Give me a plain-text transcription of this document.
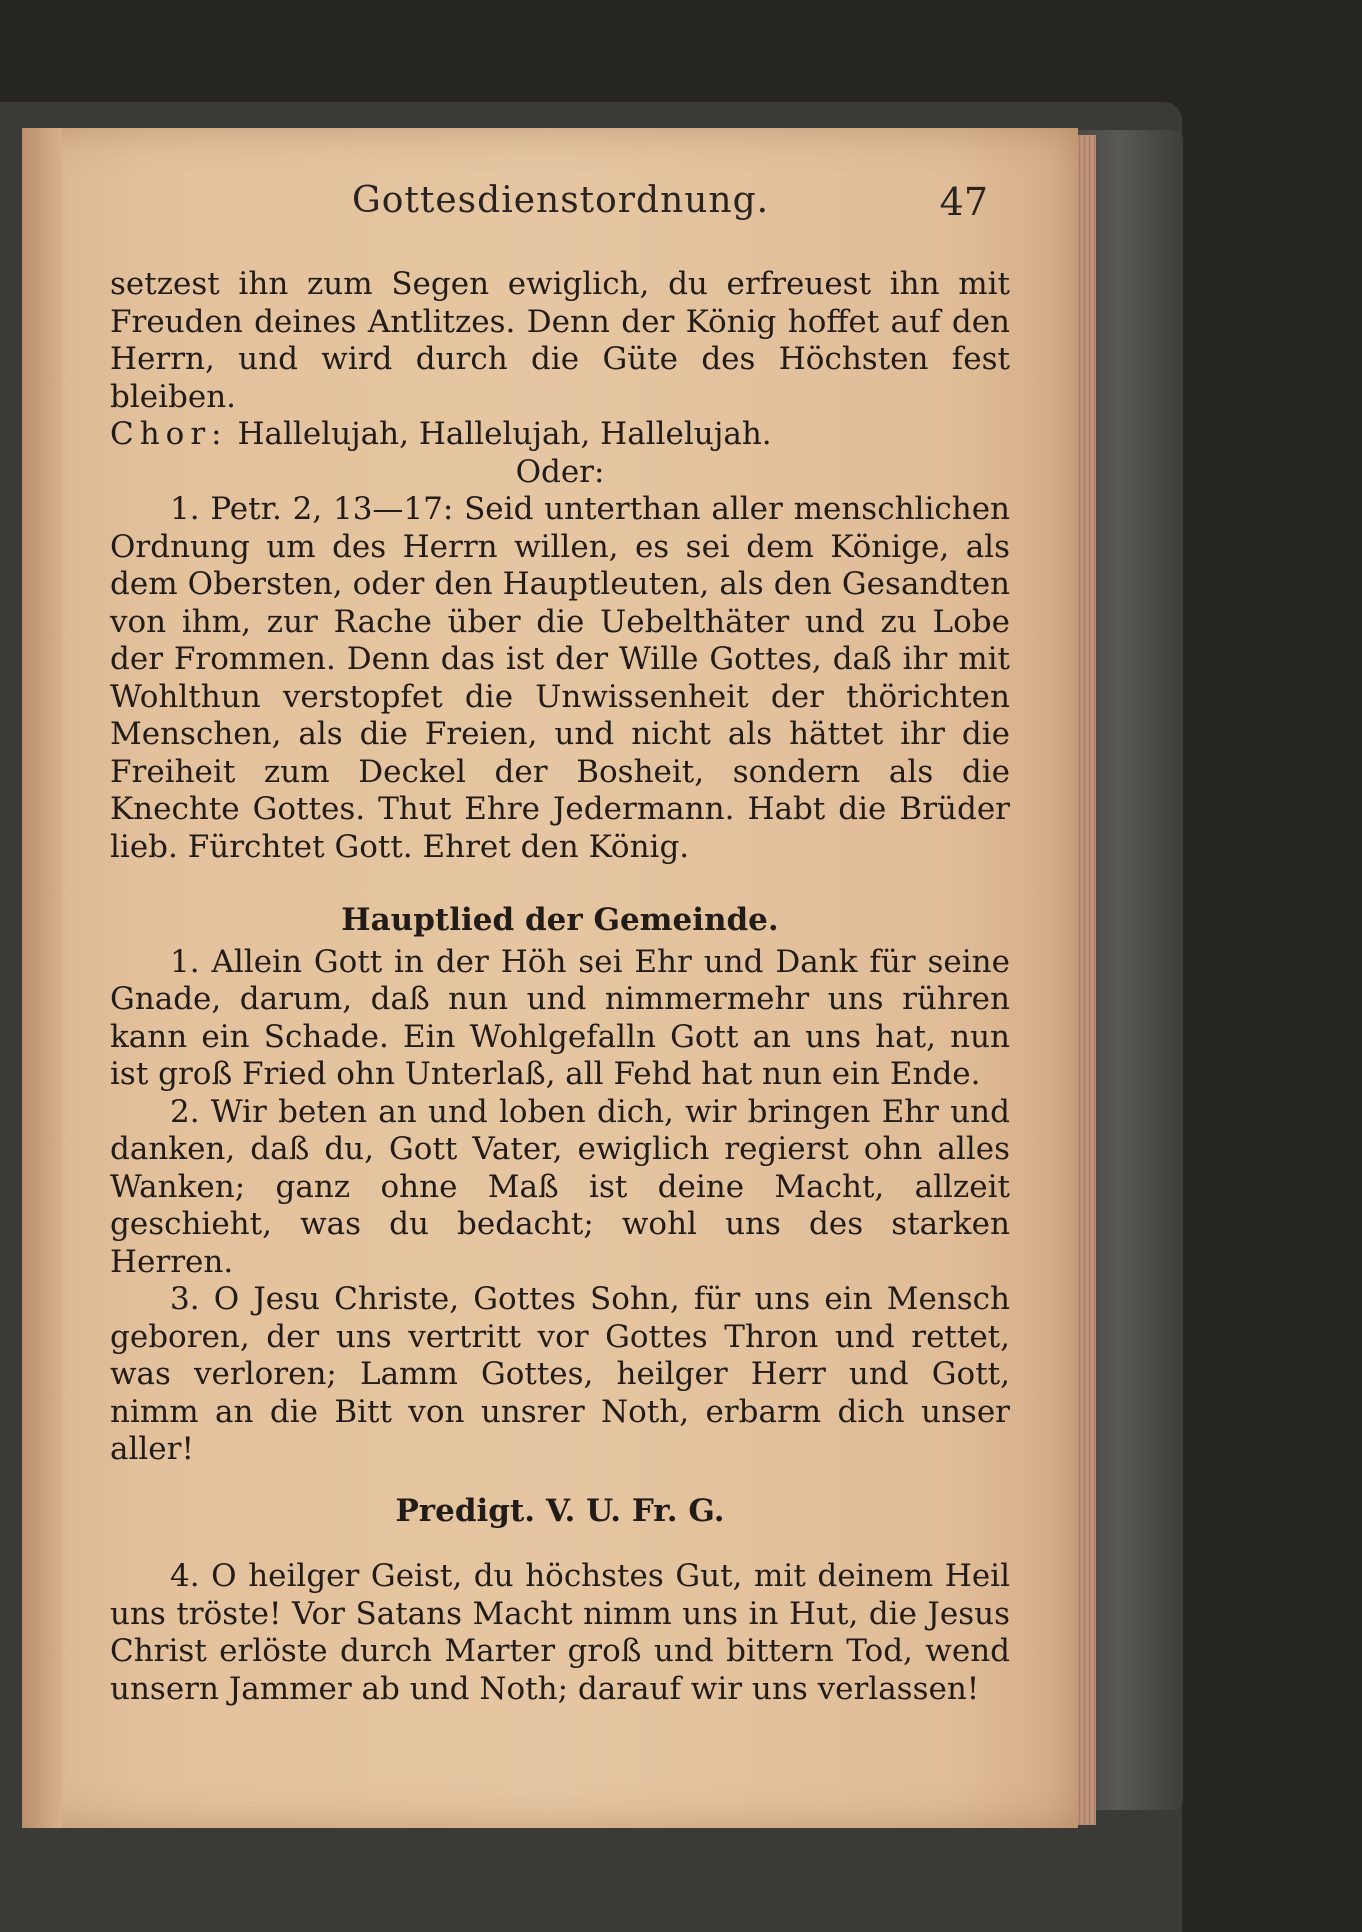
Gottesdienstordnung.	47

setzest ihn zum Segen ewiglich, du erfreuest ihn mit Freuden deines Antlitzes. Denn der König hoffet auf den Herrn, und wird durch die Güte des Höchsten fest bleiben.

Chor: Hallelujah, Hallelujah, Hallelujah.

Oder:

1. Petr. 2, 13—17: Seid unterthan aller menschlichen Ordnung um des Herrn willen, es sei dem Könige, als dem Obersten, oder den Hauptleuten, als den Gesandten von ihm, zur Rache über die Uebelthäter und zu Lobe der Frommen. Denn das ist der Wille Gottes, daß ihr mit Wohlthun verstopfet die Unwissenheit der thörichten Menschen, als die Freien, und nicht als hättet ihr die Freiheit zum Deckel der Bosheit, sondern als die Knechte Gottes. Thut Ehre Jedermann. Habt die Brüder lieb. Fürchtet Gott. Ehret den König.

Hauptlied der Gemeinde.

1. Allein Gott in der Höh sei Ehr und Dank für seine Gnade, darum, daß nun und nimmermehr uns rühren kann ein Schade. Ein Wohlgefalln Gott an uns hat, nun ist groß Fried ohn Unterlaß, all Fehd hat nun ein Ende.

2. Wir beten an und loben dich, wir bringen Ehr und danken, daß du, Gott Vater, ewiglich regierst ohn alles Wanken; ganz ohne Maß ist deine Macht, allzeit geschieht, was du bedacht; wohl uns des starken Herren.

3. O Jesu Christe, Gottes Sohn, für uns ein Mensch geboren, der uns vertritt vor Gottes Thron und rettet, was verloren; Lamm Gottes, heilger Herr und Gott, nimm an die Bitt von unsrer Noth, erbarm dich unser aller!

Predigt. V. U. Fr. G.

4. O heilger Geist, du höchstes Gut, mit deinem Heil uns tröste! Vor Satans Macht nimm uns in Hut, die Jesus Christ erlöste durch Marter groß und bittern Tod, wend unsern Jammer ab und Noth; darauf wir uns verlassen!
